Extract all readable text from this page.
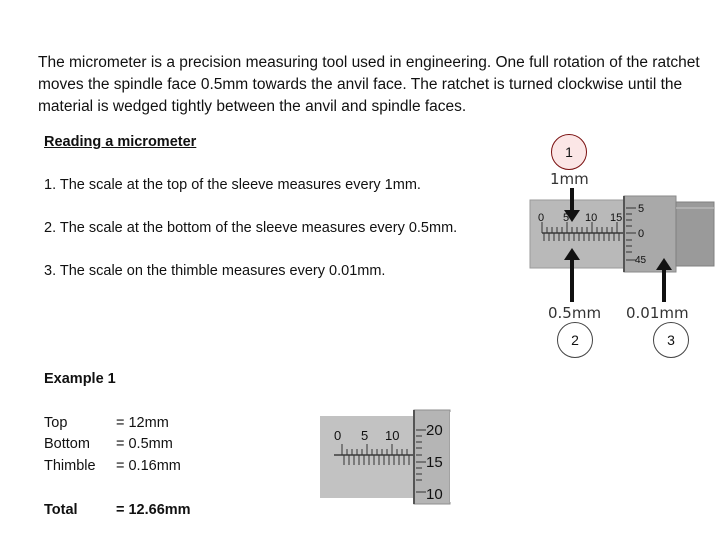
The micrometer is a precision measuring tool used in engineering. One full rotation of the ratchet moves the spindle face 0.5mm towards the anvil face. The ratchet is turned clockwise until the material is wedged tightly between the anvil and spindle faces.
Reading a micrometer
1. The scale at the top of the sleeve measures every 1mm.
2. The scale at the bottom of the sleeve measures every 0.5mm.
3. The scale on the thimble measures every 0.01mm.
1
1mm
0 5 10 15
5
0
45
0.5mm 0.01mm
2	3
Example 1
Top	= 12mm
Bottom = 0.5mm
Thimble = 0.16mm
Total	= 12.66mm
0 5 10 20
15
10
